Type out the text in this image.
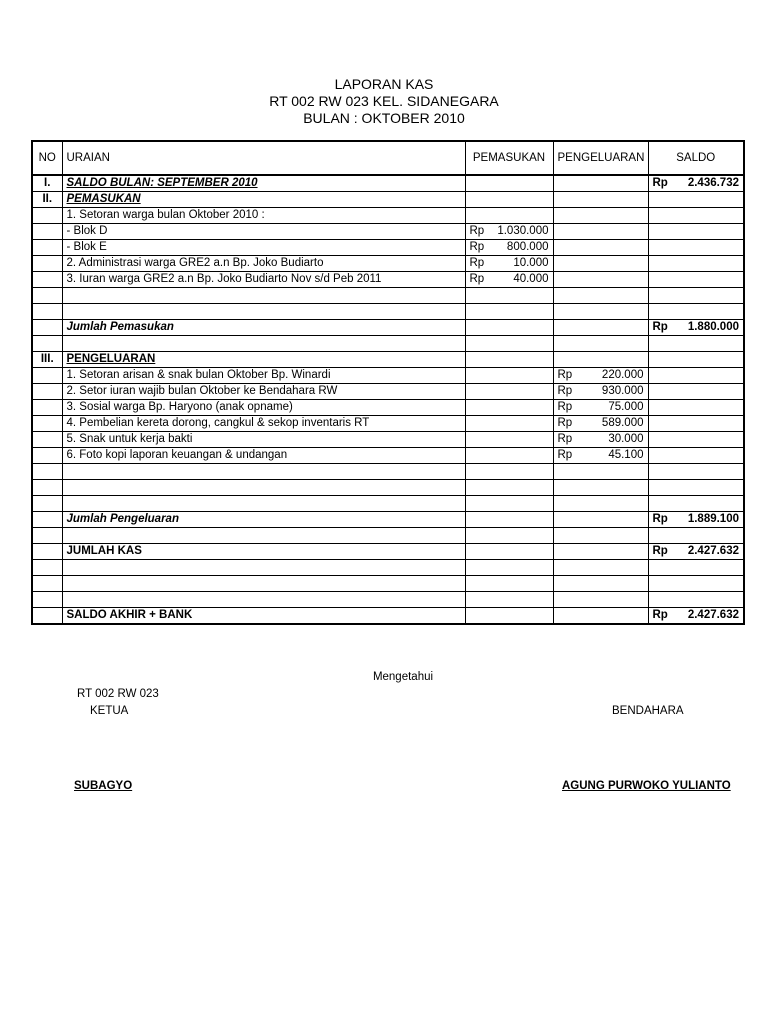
LAPORAN KAS
RT 002 RW 023 KEL. SIDANEGARA
BULAN : OKTOBER 2010
NO	URAIAN	PEMASUKAN	PENGELUARAN	SALDO
I.	SALDO BULAN: SEPTEMBER 2010			Rp 2.436.732

II.	PEMASUKAN			
	1. Setoran warga bulan Oktober 2010 :			
	- Blok D	Rp 1.030.000		

	- Blok E	Rp 800.000		

	2. Administrasi warga GRE2 a.n Bp. Joko Budiarto	Rp 10.000		

	3. Iuran warga GRE2 a.n Bp. Joko Budiarto Nov s/d Peb 2011	Rp 40.000		

	Jumlah Pemasukan			Rp 1.880.000

III.	PENGELUARAN			
	1. Setoran arisan & snak bulan Oktober Bp. Winardi		Rp 220.000	

	2. Setor iuran wajib bulan Oktober ke Bendahara RW		Rp 930.000	

	3. Sosial warga Bp. Haryono (anak opname)		Rp 75.000	

	4. Pembelian kereta dorong, cangkul & sekop inventaris RT		Rp 589.000	

	5. Snak untuk kerja bakti		Rp 30.000	

	6. Foto kopi laporan keuangan & undangan		Rp 45.100	

	Jumlah Pengeluaran			Rp 1.889.100

	JUMLAH KAS			Rp 2.427.632

	SALDO AKHIR + BANK			Rp 2.427.632
Mengetahui
RT 002 RW 023
KETUA	BENDAHARA
SUBAGYO	AGUNG PURWOKO YULIANTO
